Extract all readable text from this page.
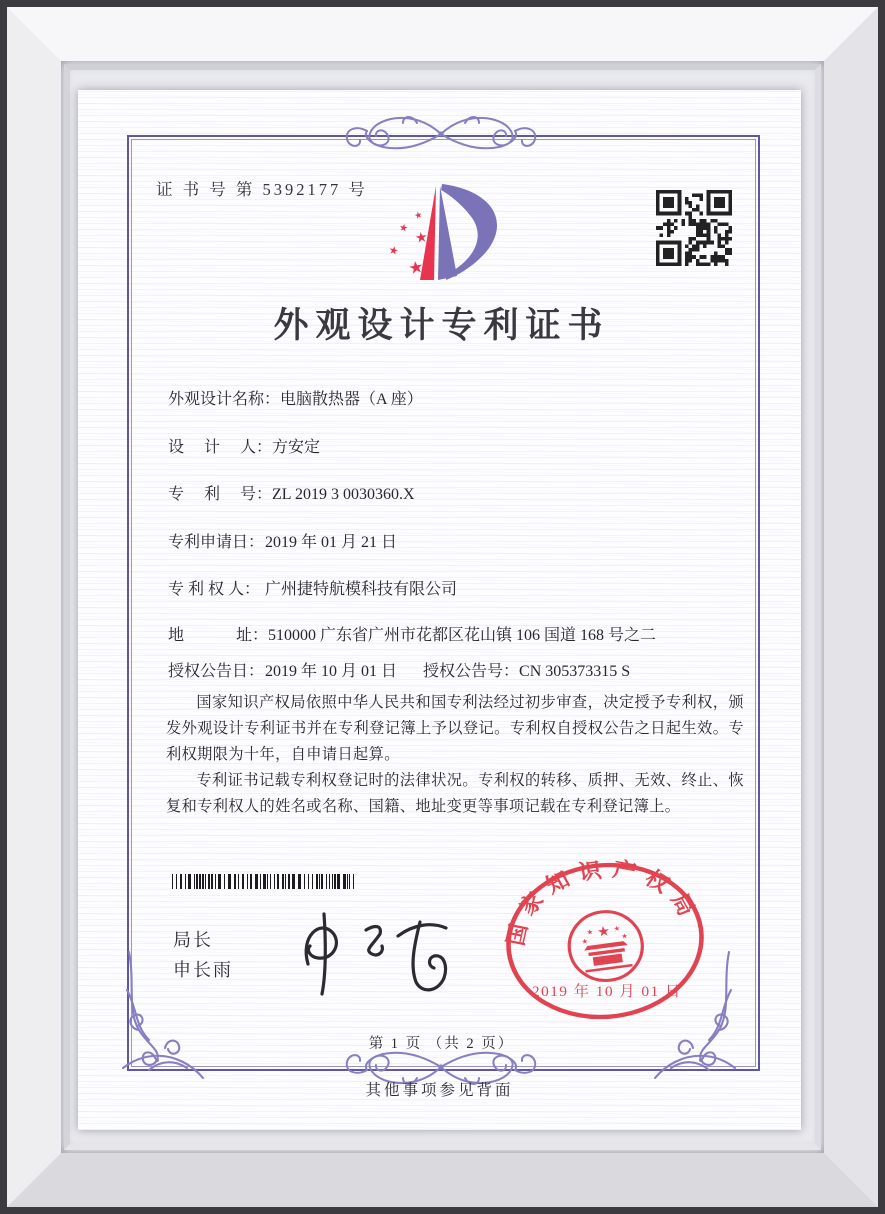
证 书 号 第 5392177 号
★
★
★
★
★
外观设计专利证书
外观设计名称：电脑散热器（A 座）
设　 计　 人：方安定
专　 利　 号：ZL 2019 3 0030360.X
专利申请日：2019 年 01 月 21 日
专 利 权 人： 广州捷特航模科技有限公司
地　　　 址：510000 广东省广州市花都区花山镇 106 国道 168 号之二
授权公告日：2019 年 10 月 01 日 授权公告号：CN 305373315 S

国家知识产权局依照中华人民共和国专利法经过初步审查，决定授予专利权，颁发外观设计专利证书并在专利登记簿上予以登记。专利权自授权公告之日起生效。专利权期限为十年，自申请日起算。

专利证书记载专利权登记时的法律状况。专利权的转移、质押、无效、终止、恢复和专利权人的姓名或名称、国籍、地址变更等事项记载在专利登记簿上。

局长
申长雨
国家知识产权局
★
★ ★
★
★
2019 年 10 月 01 日
第 1 页 （共 2 页）
其他事项参见背面
